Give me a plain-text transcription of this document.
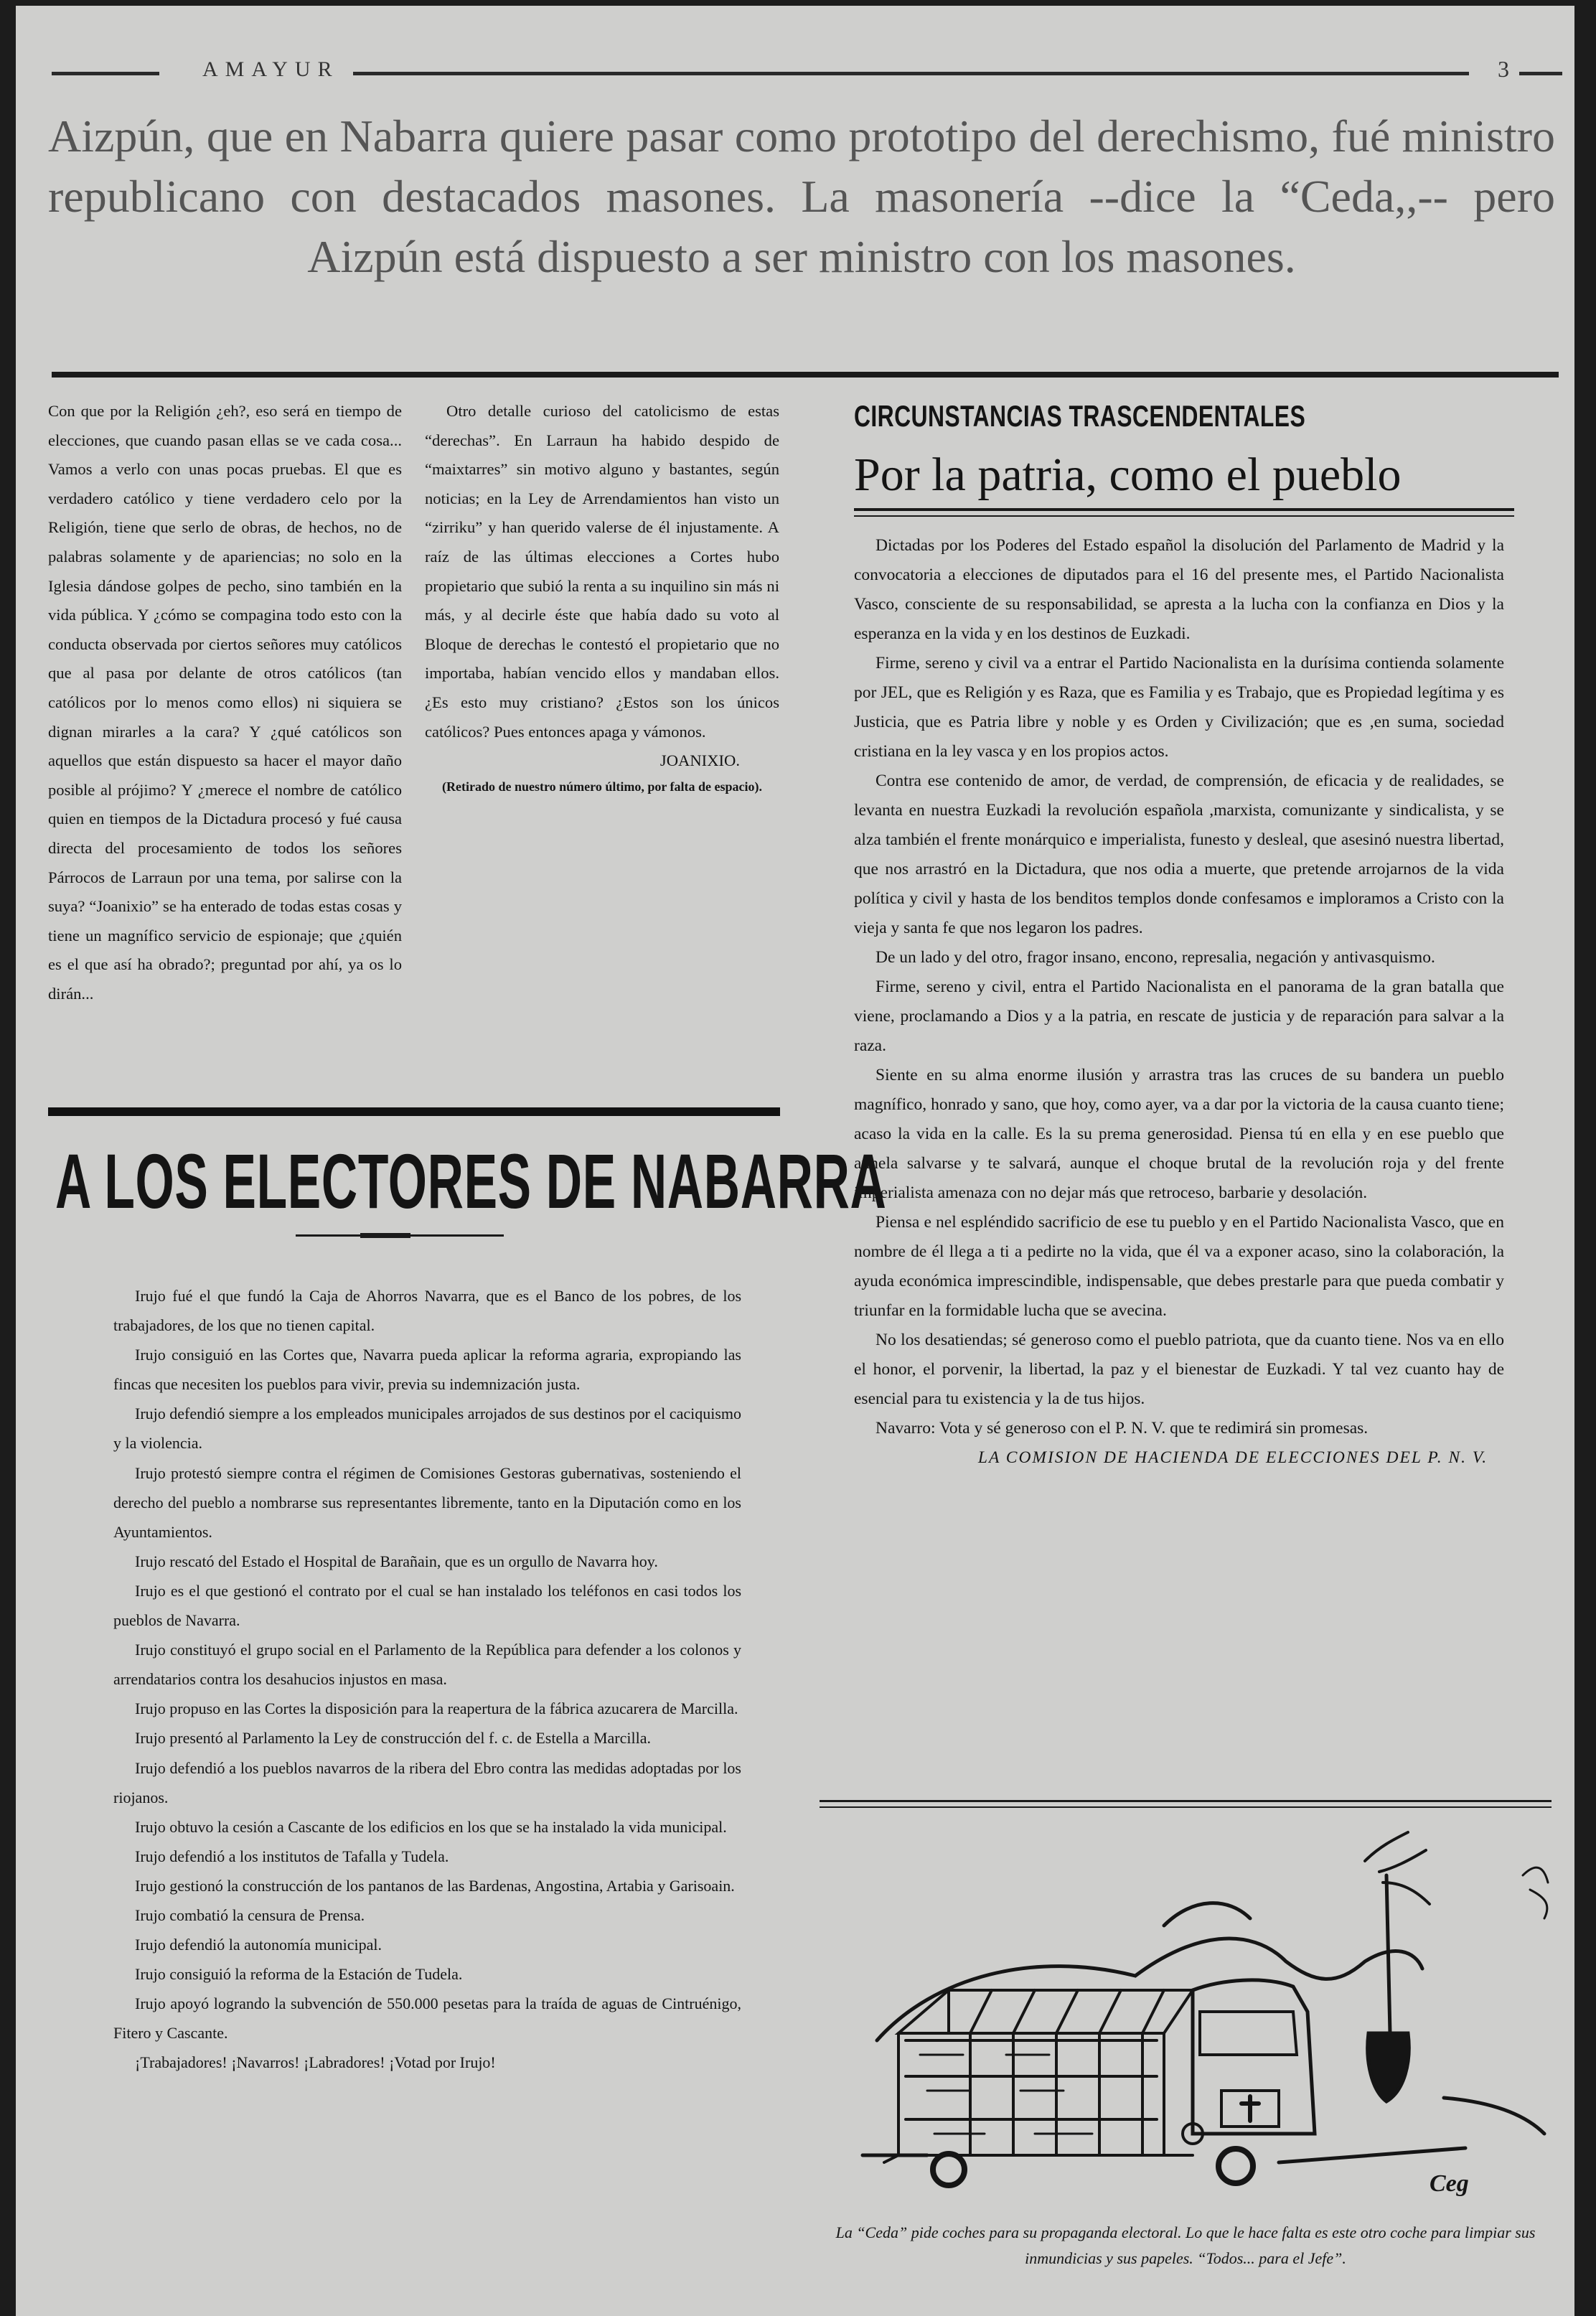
AMAYUR	3
Aizpún, que en Nabarra quiere pasar como prototipo del derechismo, fué ministro republicano con destacados masones. La masonería --dice la “Ceda,,-- pero Aizpún está dispuesto a ser ministro con los masones.

Con que por la Religión ¿eh?, eso será en tiempo de elecciones, que cuando pasan ellas se ve cada cosa... Vamos a verlo con unas pocas pruebas. El que es verdadero católico y tiene verdadero celo por la Religión, tiene que serlo de obras, de hechos, no de palabras solamente y de apariencias; no solo en la Iglesia dándose golpes de pecho, sino también en la vida pública. Y ¿cómo se compagina todo esto con la conducta observada por ciertos señores muy católicos que al pasa por delante de otros católicos (tan católicos por lo menos como ellos) ni siquiera se dignan mirarles a la cara? Y ¿qué católicos son aquellos que están dispuesto sa hacer el mayor daño posible al prójimo? Y ¿merece el nombre de católico quien en tiempos de la Dictadura procesó y fué causa directa del procesamiento de todos los señores Párrocos de Larraun por una tema, por salirse con la suya? “Joanixio” se ha enterado de todas estas cosas y tiene un magnífico servicio de espionaje; que ¿quién es el que así ha obrado?; preguntad por ahí, ya os lo dirán...

Otro detalle curioso del catolicismo de estas “derechas”. En Larraun ha habido despido de “maixtarres” sin motivo alguno y bastantes, según noticias; en la Ley de Arrendamientos han visto un “zirriku” y han querido valerse de él injustamente. A raíz de las últimas elecciones a Cortes hubo propietario que subió la renta a su inquilino sin más ni más, y al decirle éste que había dado su voto al Bloque de derechas le contestó el propietario que no importaba, habían vencido ellos y mandaban ellos. ¿Es esto muy cristiano? ¿Estos son los únicos católicos? Pues entonces apaga y vámonos.

JOANIXIO.

(Retirado de nuestro número último, por falta de espacio).

CIRCUNSTANCIAS TRASCENDENTALES
Por la patria, como el pueblo

Dictadas por los Poderes del Estado español la disolución del Parlamento de Madrid y la convocatoria a elecciones de diputados para el 16 del presente mes, el Partido Nacionalista Vasco, consciente de su responsabilidad, se apresta a la lucha con la confianza en Dios y la esperanza en la vida y en los destinos de Euzkadi.

Firme, sereno y civil va a entrar el Partido Nacionalista en la durísima contienda solamente por JEL, que es Religión y es Raza, que es Familia y es Trabajo, que es Propiedad legítima y es Justicia, que es Patria libre y noble y es Orden y Civilización; que es ,en suma, sociedad cristiana en la ley vasca y en los propios actos.

Contra ese contenido de amor, de verdad, de comprensión, de eficacia y de realidades, se levanta en nuestra Euzkadi la revolución española ,marxista, comunizante y sindicalista, y se alza también el frente monárquico e imperialista, funesto y desleal, que asesinó nuestra libertad, que nos arrastró en la Dictadura, que nos odia a muerte, que pretende arrojarnos de la vida política y civil y hasta de los benditos templos donde confesamos e imploramos a Cristo con la vieja y santa fe que nos legaron los padres.

De un lado y del otro, fragor insano, encono, represalia, negación y antivasquismo.

Firme, sereno y civil, entra el Partido Nacionalista en el panorama de la gran batalla que viene, proclamando a Dios y a la patria, en rescate de justicia y de reparación para salvar a la raza.

Siente en su alma enorme ilusión y arrastra tras las cruces de su bandera un pueblo magnífico, honrado y sano, que hoy, como ayer, va a dar por la victoria de la causa cuanto tiene; acaso la vida en la calle. Es la su prema generosidad. Piensa tú en ella y en ese pueblo que anhela salvarse y te salvará, aunque el choque brutal de la revolución roja y del frente imperialista amenaza con no dejar más que retroceso, barbarie y desolación.

Piensa e nel espléndido sacrificio de ese tu pueblo y en el Partido Nacionalista Vasco, que en nombre de él llega a ti a pedirte no la vida, que él va a exponer acaso, sino la colaboración, la ayuda económica imprescindible, indispensable, que debes prestarle para que pueda combatir y triunfar en la formidable lucha que se avecina.

No los desatiendas; sé generoso como el pueblo patriota, que da cuanto tiene. Nos va en ello el honor, el porvenir, la libertad, la paz y el bienestar de Euzkadi. Y tal vez cuanto hay de esencial para tu existencia y la de tus hijos.

Navarro: Vota y sé generoso con el P. N. V. que te redimirá sin promesas.

LA COMISION DE HACIENDA DE ELECCIONES DEL P. N. V.

A LOS ELECTORES DE NABARRA

Irujo fué el que fundó la Caja de Ahorros Navarra, que es el Banco de los pobres, de los trabajadores, de los que no tienen capital.

Irujo consiguió en las Cortes que, Navarra pueda aplicar la reforma agraria, expropiando las fincas que necesiten los pueblos para vivir, previa su indemnización justa.

Irujo defendió siempre a los empleados municipales arrojados de sus destinos por el caciquismo y la violencia.

Irujo protestó siempre contra el régimen de Comisiones Gestoras gubernativas, sosteniendo el derecho del pueblo a nombrarse sus representantes libremente, tanto en la Diputación como en los Ayuntamientos.

Irujo rescató del Estado el Hospital de Barañain, que es un orgullo de Navarra hoy.

Irujo es el que gestionó el contrato por el cual se han instalado los teléfonos en casi todos los pueblos de Navarra.

Irujo constituyó el grupo social en el Parlamento de la República para defender a los colonos y arrendatarios contra los desahucios injustos en masa.

Irujo propuso en las Cortes la disposición para la reapertura de la fábrica azucarera de Marcilla.

Irujo presentó al Parlamento la Ley de construcción del f. c. de Estella a Marcilla.

Irujo defendió a los pueblos navarros de la ribera del Ebro contra las medidas adoptadas por los riojanos.

Irujo obtuvo la cesión a Cascante de los edificios en los que se ha instalado la vida municipal.

Irujo defendió a los institutos de Tafalla y Tudela.

Irujo gestionó la construcción de los pantanos de las Bardenas, Angostina, Artabia y Garisoain.

Irujo combatió la censura de Prensa.

Irujo defendió la autonomía municipal.

Irujo consiguió la reforma de la Estación de Tudela.

Irujo apoyó logrando la subvención de 550.000 pesetas para la traída de aguas de Cintruénigo, Fitero y Cascante.

¡Trabajadores! ¡Navarros! ¡Labradores! ¡Votad por Irujo!

Ceg
La “Ceda” pide coches para su propaganda electoral. Lo que le hace falta es este otro coche para limpiar sus inmundicias y sus papeles. “Todos... para el Jefe”.
